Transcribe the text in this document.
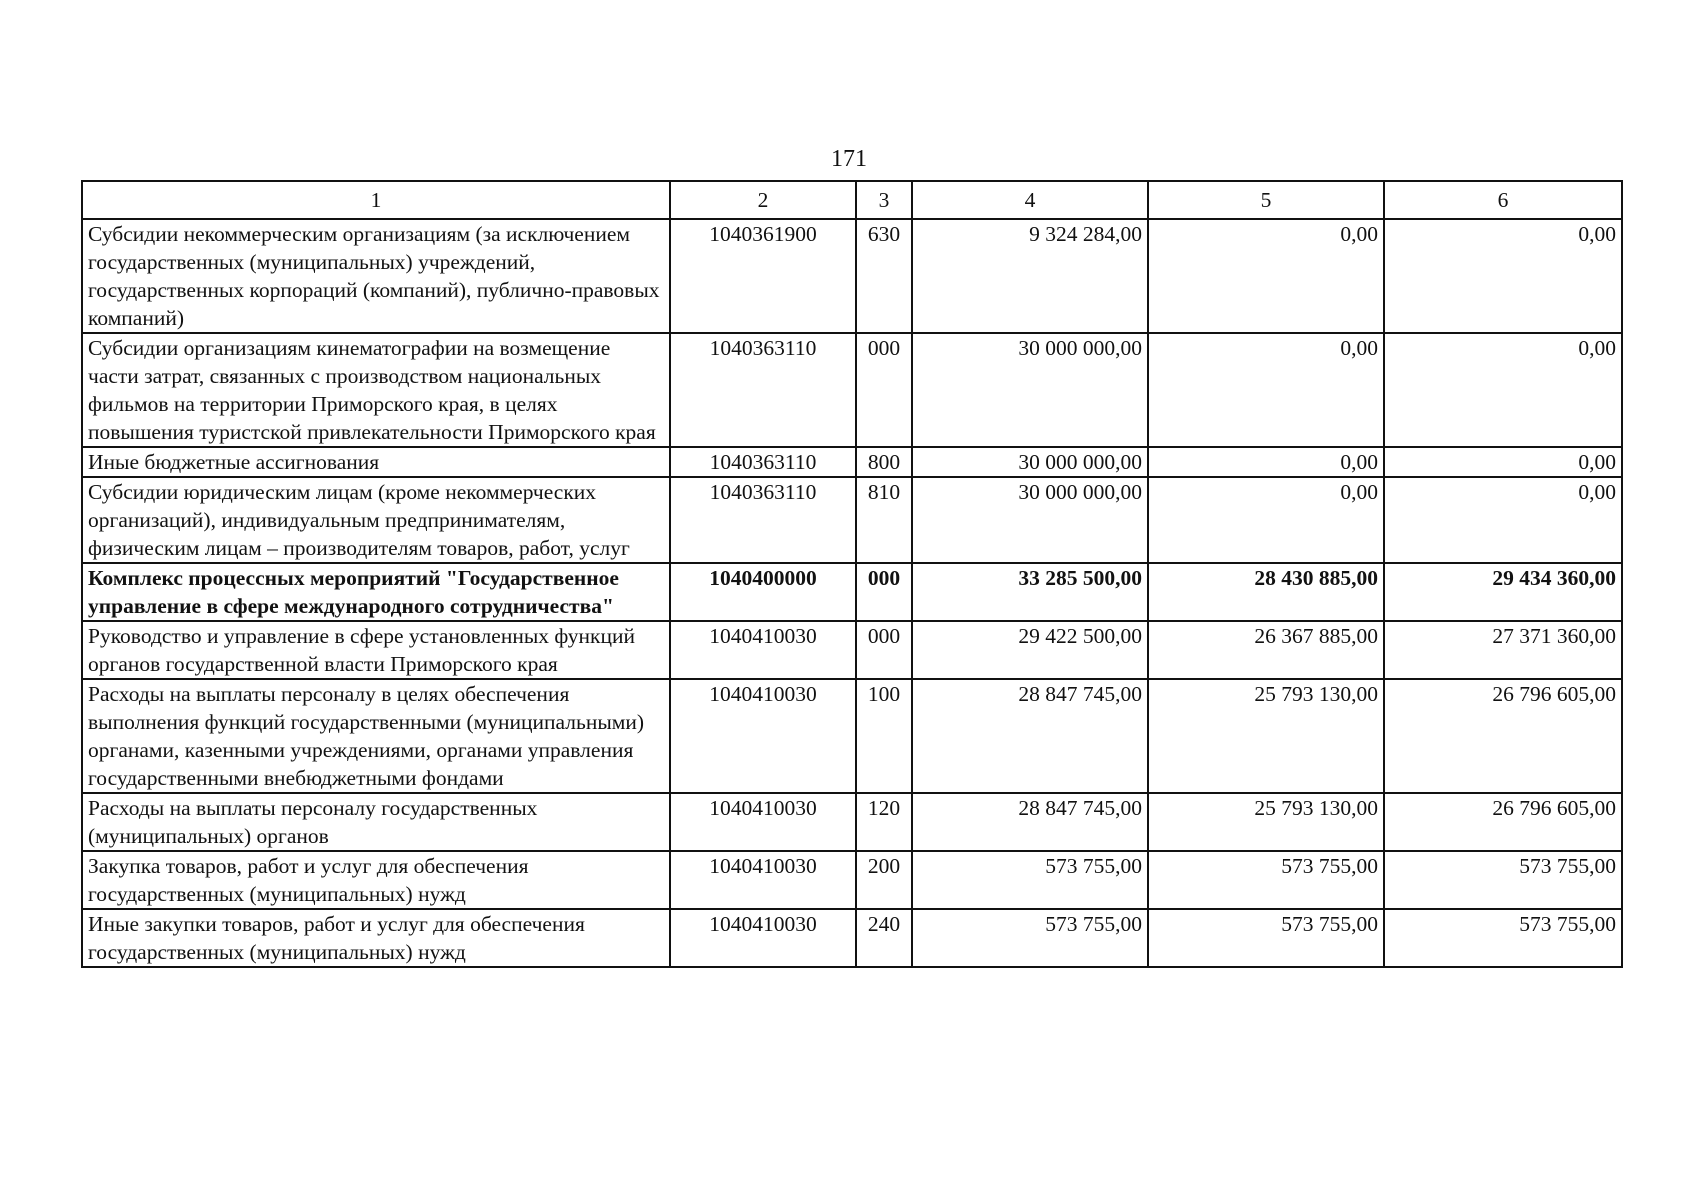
171
1	2	3	4	5	6
Субсидии некоммерческим организациям (за исключением государственных (муниципальных) учреждений, государственных корпораций (компаний), публично-правовых компаний)	1040361900	630	9 324 284,00	0,00	0,00
Субсидии организациям кинематографии на возмещение части затрат, связанных с производством национальных фильмов на территории Приморского края, в целях повышения туристской привлекательности Приморского края	1040363110	000	30 000 000,00	0,00	0,00
Иные бюджетные ассигнования	1040363110	800	30 000 000,00	0,00	0,00
Субсидии юридическим лицам (кроме некоммерческих организаций), индивидуальным предпринимателям, физическим лицам – производителям товаров, работ, услуг	1040363110	810	30 000 000,00	0,00	0,00
Комплекс процессных мероприятий "Государственное управление в сфере международного сотрудничества"	1040400000	000	33 285 500,00	28 430 885,00	29 434 360,00
Руководство и управление в сфере установленных функций органов государственной власти Приморского края	1040410030	000	29 422 500,00	26 367 885,00	27 371 360,00
Расходы на выплаты персоналу в целях обеспечения выполнения функций государственными (муниципальными) органами, казенными учреждениями, органами управления государственными внебюджетными фондами	1040410030	100	28 847 745,00	25 793 130,00	26 796 605,00
Расходы на выплаты персоналу государственных (муниципальных) органов	1040410030	120	28 847 745,00	25 793 130,00	26 796 605,00
Закупка товаров, работ и услуг для обеспечения государственных (муниципальных) нужд	1040410030	200	573 755,00	573 755,00	573 755,00
Иные закупки товаров, работ и услуг для обеспечения государственных (муниципальных) нужд	1040410030	240	573 755,00	573 755,00	573 755,00
